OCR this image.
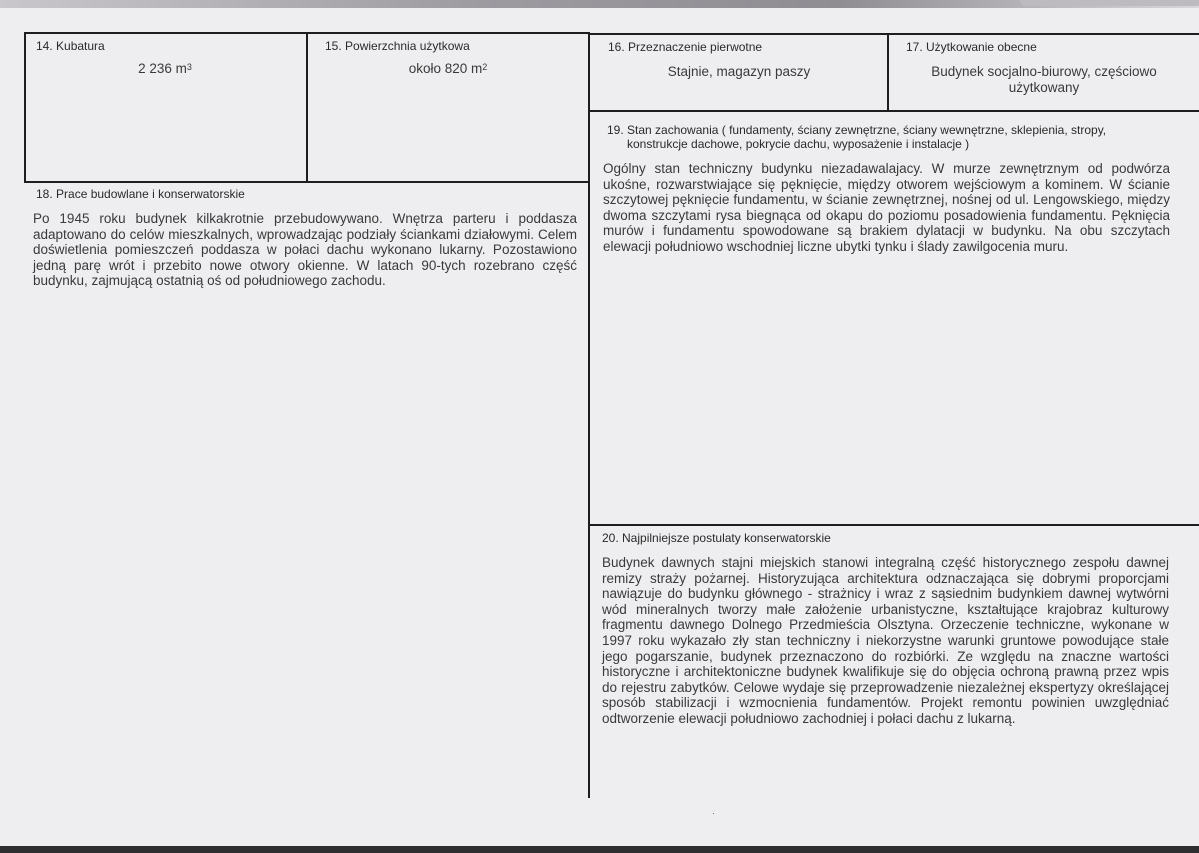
14. Kubatura
2 236 $m^3$
15. Powierzchnia użytkowa
około 820 $m^2$
16. Przeznaczenie pierwotne
Stajnie, magazyn paszy
17. Użytkowanie obecne
Budynek socjalno-biurowy, częściowo
użytkowany
18. Prace budowlane i konserwatorskie
Po 1945 roku budynek kilkakrotnie przebudowywano. Wnętrza parteru i poddasza adaptowano do celów mieszkalnych, wprowadzając podziały ściankami działowymi. Celem doświetlenia pomieszczeń poddasza w połaci dachu wykonano lukarny. Pozostawiono jedną parę wrót i przebito nowe otwory okienne. W latach 90-tych rozebrano część budynku, zajmującą ostatnią oś od południowego zachodu.
19. Stan zachowania ( fundamenty, ściany zewnętrzne, ściany wewnętrzne, sklepienia, stropy,
konstrukcje dachowe, pokrycie dachu, wyposażenie i instalacje )
Ogólny stan techniczny budynku niezadawalajacy. W murze zewnętrznym od podwórza ukośne, rozwarstwiające się pęknięcie, między otworem wejściowym a kominem. W ścianie szczytowej pęknięcie fundamentu, w ścianie zewnętrznej, nośnej od ul. Lengowskiego, między dwoma szczytami rysa biegnąca od okapu do poziomu posadowienia fundamentu. Pęknięcia murów i fundamentu spowodowane są brakiem dylatacji w budynku. Na obu szczytach elewacji południowo wschodniej liczne ubytki tynku i ślady zawilgocenia muru.
20. Najpilniejsze postulaty konserwatorskie
Budynek dawnych stajni miejskich stanowi integralną część historycznego zespołu dawnej remizy straży pożarnej. Historyzująca architektura odznaczająca się dobrymi proporcjami nawiązuje do budynku głównego - strażnicy i wraz z sąsiednim budynkiem dawnej wytwórni wód mineralnych tworzy małe założenie urbanistyczne, kształtujące krajobraz kulturowy fragmentu dawnego Dolnego Przedmieścia Olsztyna. Orzeczenie techniczne, wykonane w 1997 roku wykazało zły stan techniczny i niekorzystne warunki gruntowe powodujące stałe jego pogarszanie, budynek przeznaczono do rozbiórki. Ze względu na znaczne wartości historyczne i architektoniczne budynek kwalifikuje się do objęcia ochroną prawną przez wpis do rejestru zabytków. Celowe wydaje się przeprowadzenie niezależnej ekspertyzy określającej sposób stabilizacji i wzmocnienia fundamentów. Projekt remontu powinien uwzględniać odtworzenie elewacji południowo zachodniej i połaci dachu z lukarną.
·
